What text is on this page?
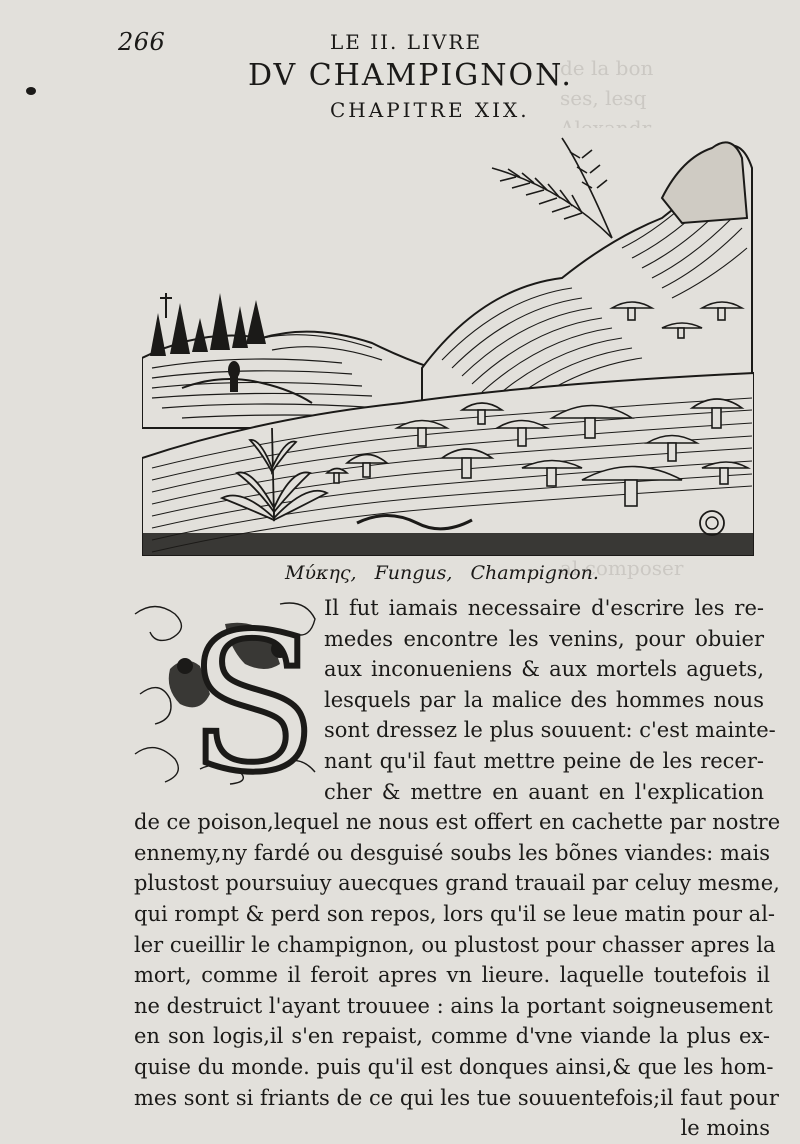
de la bon
ses, lesq
al composer
266	LE II. LIVRE
DV CHAMPIGNON.
CHAPITRE XIX.
Μύκης, Fungus, Champignon.
S Il fut iamais necessaire d'escrire les re-
medes encontre les venins, pour obuier
aux inconueniens & aux mortels aguets,
lesquels par la malice des hommes nous
sont dressez le plus souuent: c'est mainte-
nant qu'il faut mettre peine de les recer-
cher & mettre en auant en l'explication
de ce poison,lequel ne nous est offert en cachette par nostre
ennemy,ny fardé ou desguisé soubs les bõnes viandes: mais
plustost poursuiuy auecques grand trauail par celuy mesme,
qui rompt & perd son repos, lors qu'il se leue matin pour al-
ler cueillir le champignon, ou plustost pour chasser apres la
mort, comme il feroit apres vn lieure. laquelle toutefois il
ne destruict l'ayant trouuee : ains la portant soigneusement
en son logis,il s'en repaist, comme d'vne viande la plus ex-
quise du monde. puis qu'il est donques ainsi,& que les hom-
mes sont si friants de ce qui les tue souuentefois;il faut pour
le moins
